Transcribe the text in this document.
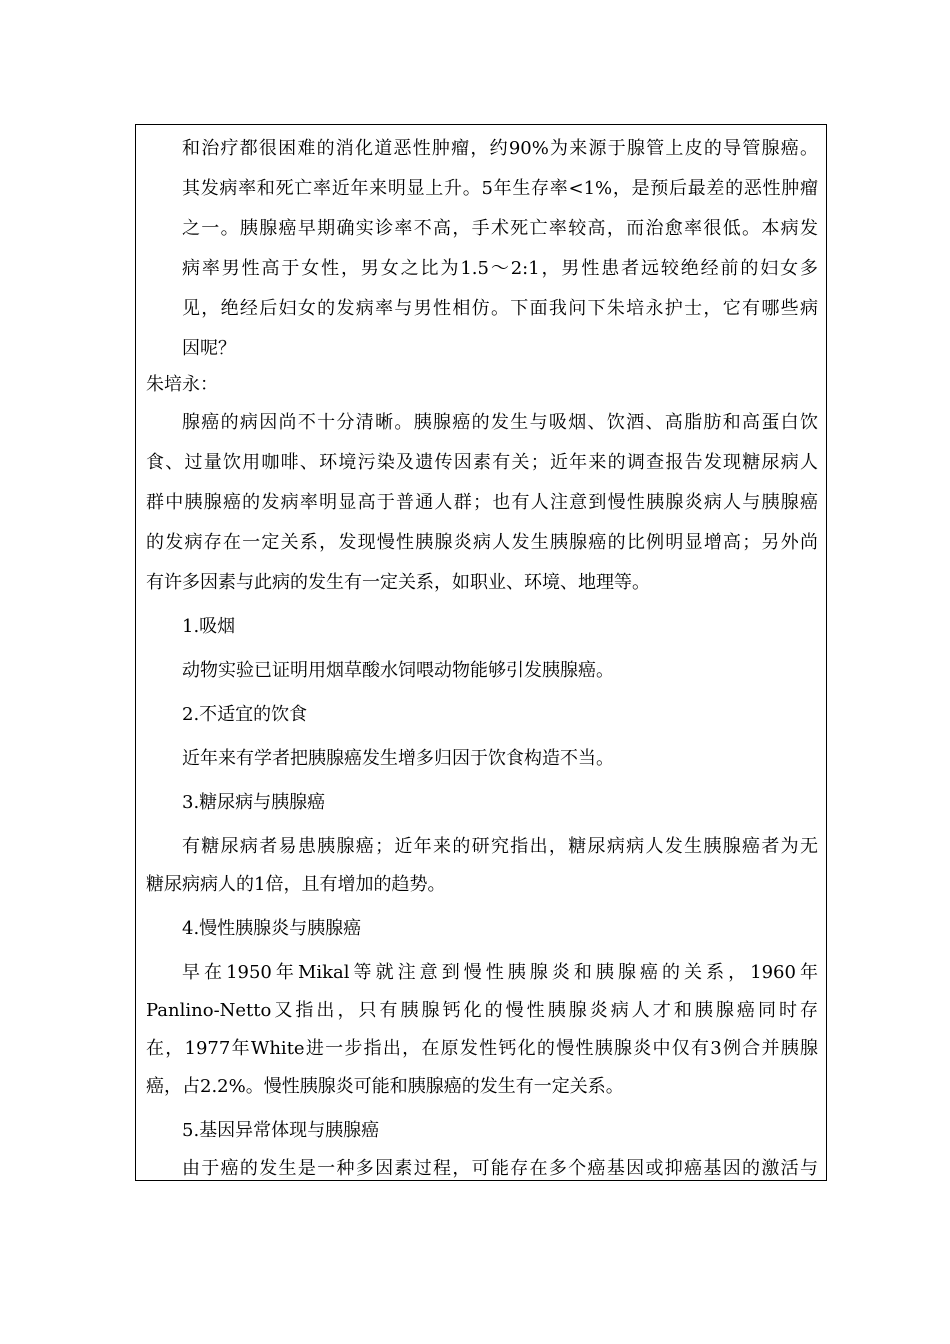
和治疗都很困难的消化道恶性肿瘤，约90%为来源于腺管上皮的导管腺癌。
其发病率和死亡率近年来明显上升。5年生存率<1%，是预后最差的恶性肿瘤
之一。胰腺癌早期确实诊率不高，手术死亡率较高，而治愈率很低。本病发
病率男性高于女性，男女之比为1.5～2:1，男性患者远较绝经前的妇女多
见，绝经后妇女的发病率与男性相仿。下面我问下朱培永护士，它有哪些病
因呢？
朱培永：
腺癌的病因尚不十分清晰。胰腺癌的发生与吸烟、饮酒、高脂肪和高蛋白饮
食、过量饮用咖啡、环境污染及遗传因素有关；近年来的调查报告发现糖尿病人
群中胰腺癌的发病率明显高于普通人群；也有人注意到慢性胰腺炎病人与胰腺癌
的发病存在一定关系，发现慢性胰腺炎病人发生胰腺癌的比例明显增高；另外尚
有许多因素与此病的发生有一定关系，如职业、环境、地理等。
1.吸烟
动物实验已证明用烟草酸水饲喂动物能够引发胰腺癌。
2.不适宜的饮食
近年来有学者把胰腺癌发生增多归因于饮食构造不当。
3.糖尿病与胰腺癌
有糖尿病者易患胰腺癌；近年来的研究指出，糖尿病病人发生胰腺癌者为无
糖尿病病人的1倍，且有增加的趋势。
4.慢性胰腺炎与胰腺癌
早在1950年Mikal等就注意到慢性胰腺炎和胰腺癌的关系，1960年
Panlino-Netto又指出，只有胰腺钙化的慢性胰腺炎病人才和胰腺癌同时存
在，1977年White进一步指出，在原发性钙化的慢性胰腺炎中仅有3例合并胰腺
癌，占2.2%。慢性胰腺炎可能和胰腺癌的发生有一定关系。
5.基因异常体现与胰腺癌
由于癌的发生是一种多因素过程，可能存在多个癌基因或抑癌基因的激活与
